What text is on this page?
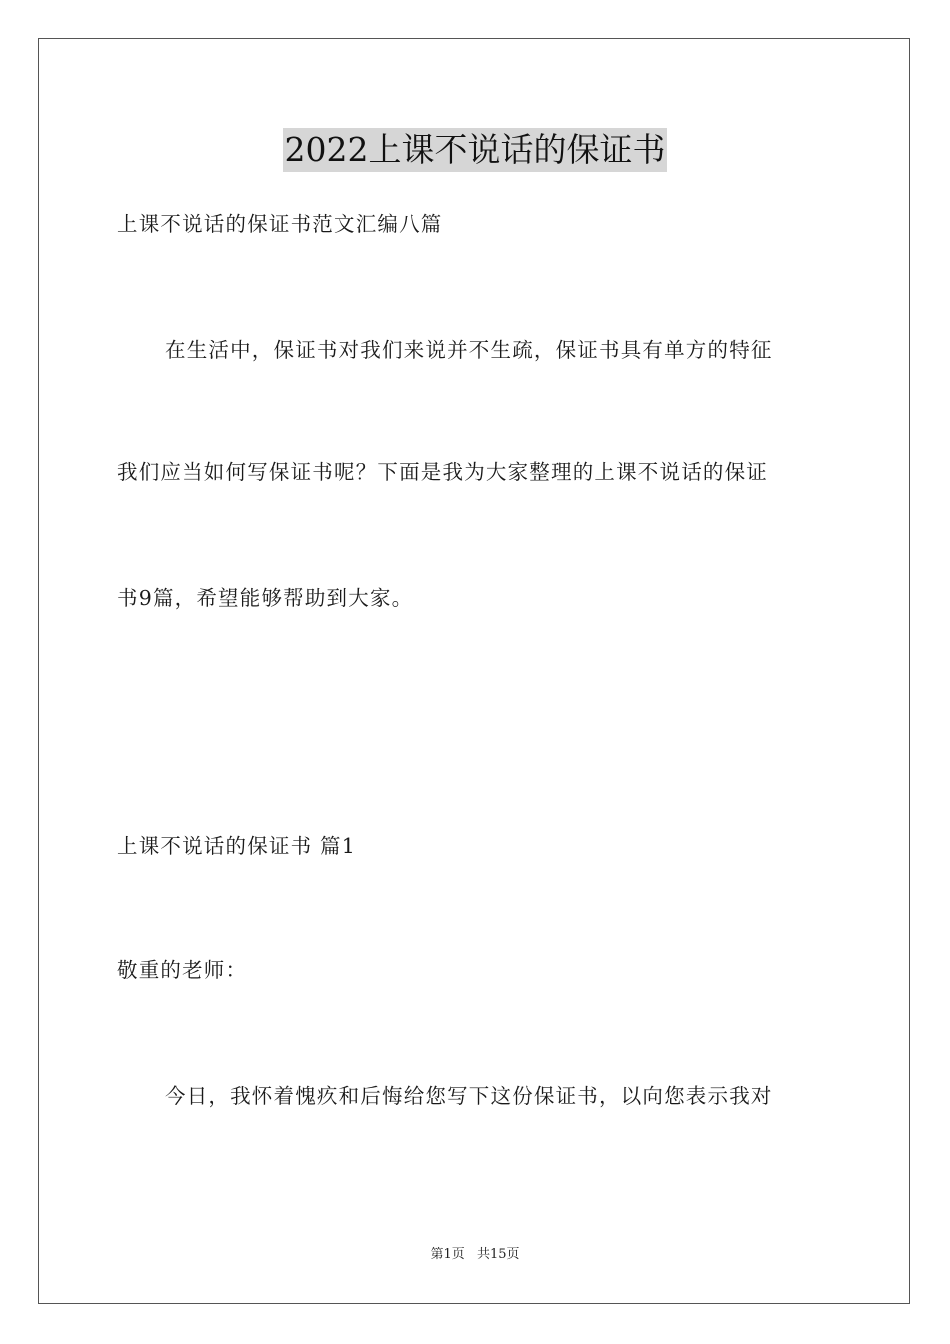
2022上课不说话的保证书
上课不说话的保证书范文汇编八篇
在生活中，保证书对我们来说并不生疏，保证书具有单方的特征
我们应当如何写保证书呢？下面是我为大家整理的上课不说话的保证
书9篇，希望能够帮助到大家。
上课不说话的保证书 篇1
敬重的老师：
今日，我怀着愧疚和后悔给您写下这份保证书，以向您表示我对
第1页 共15页
